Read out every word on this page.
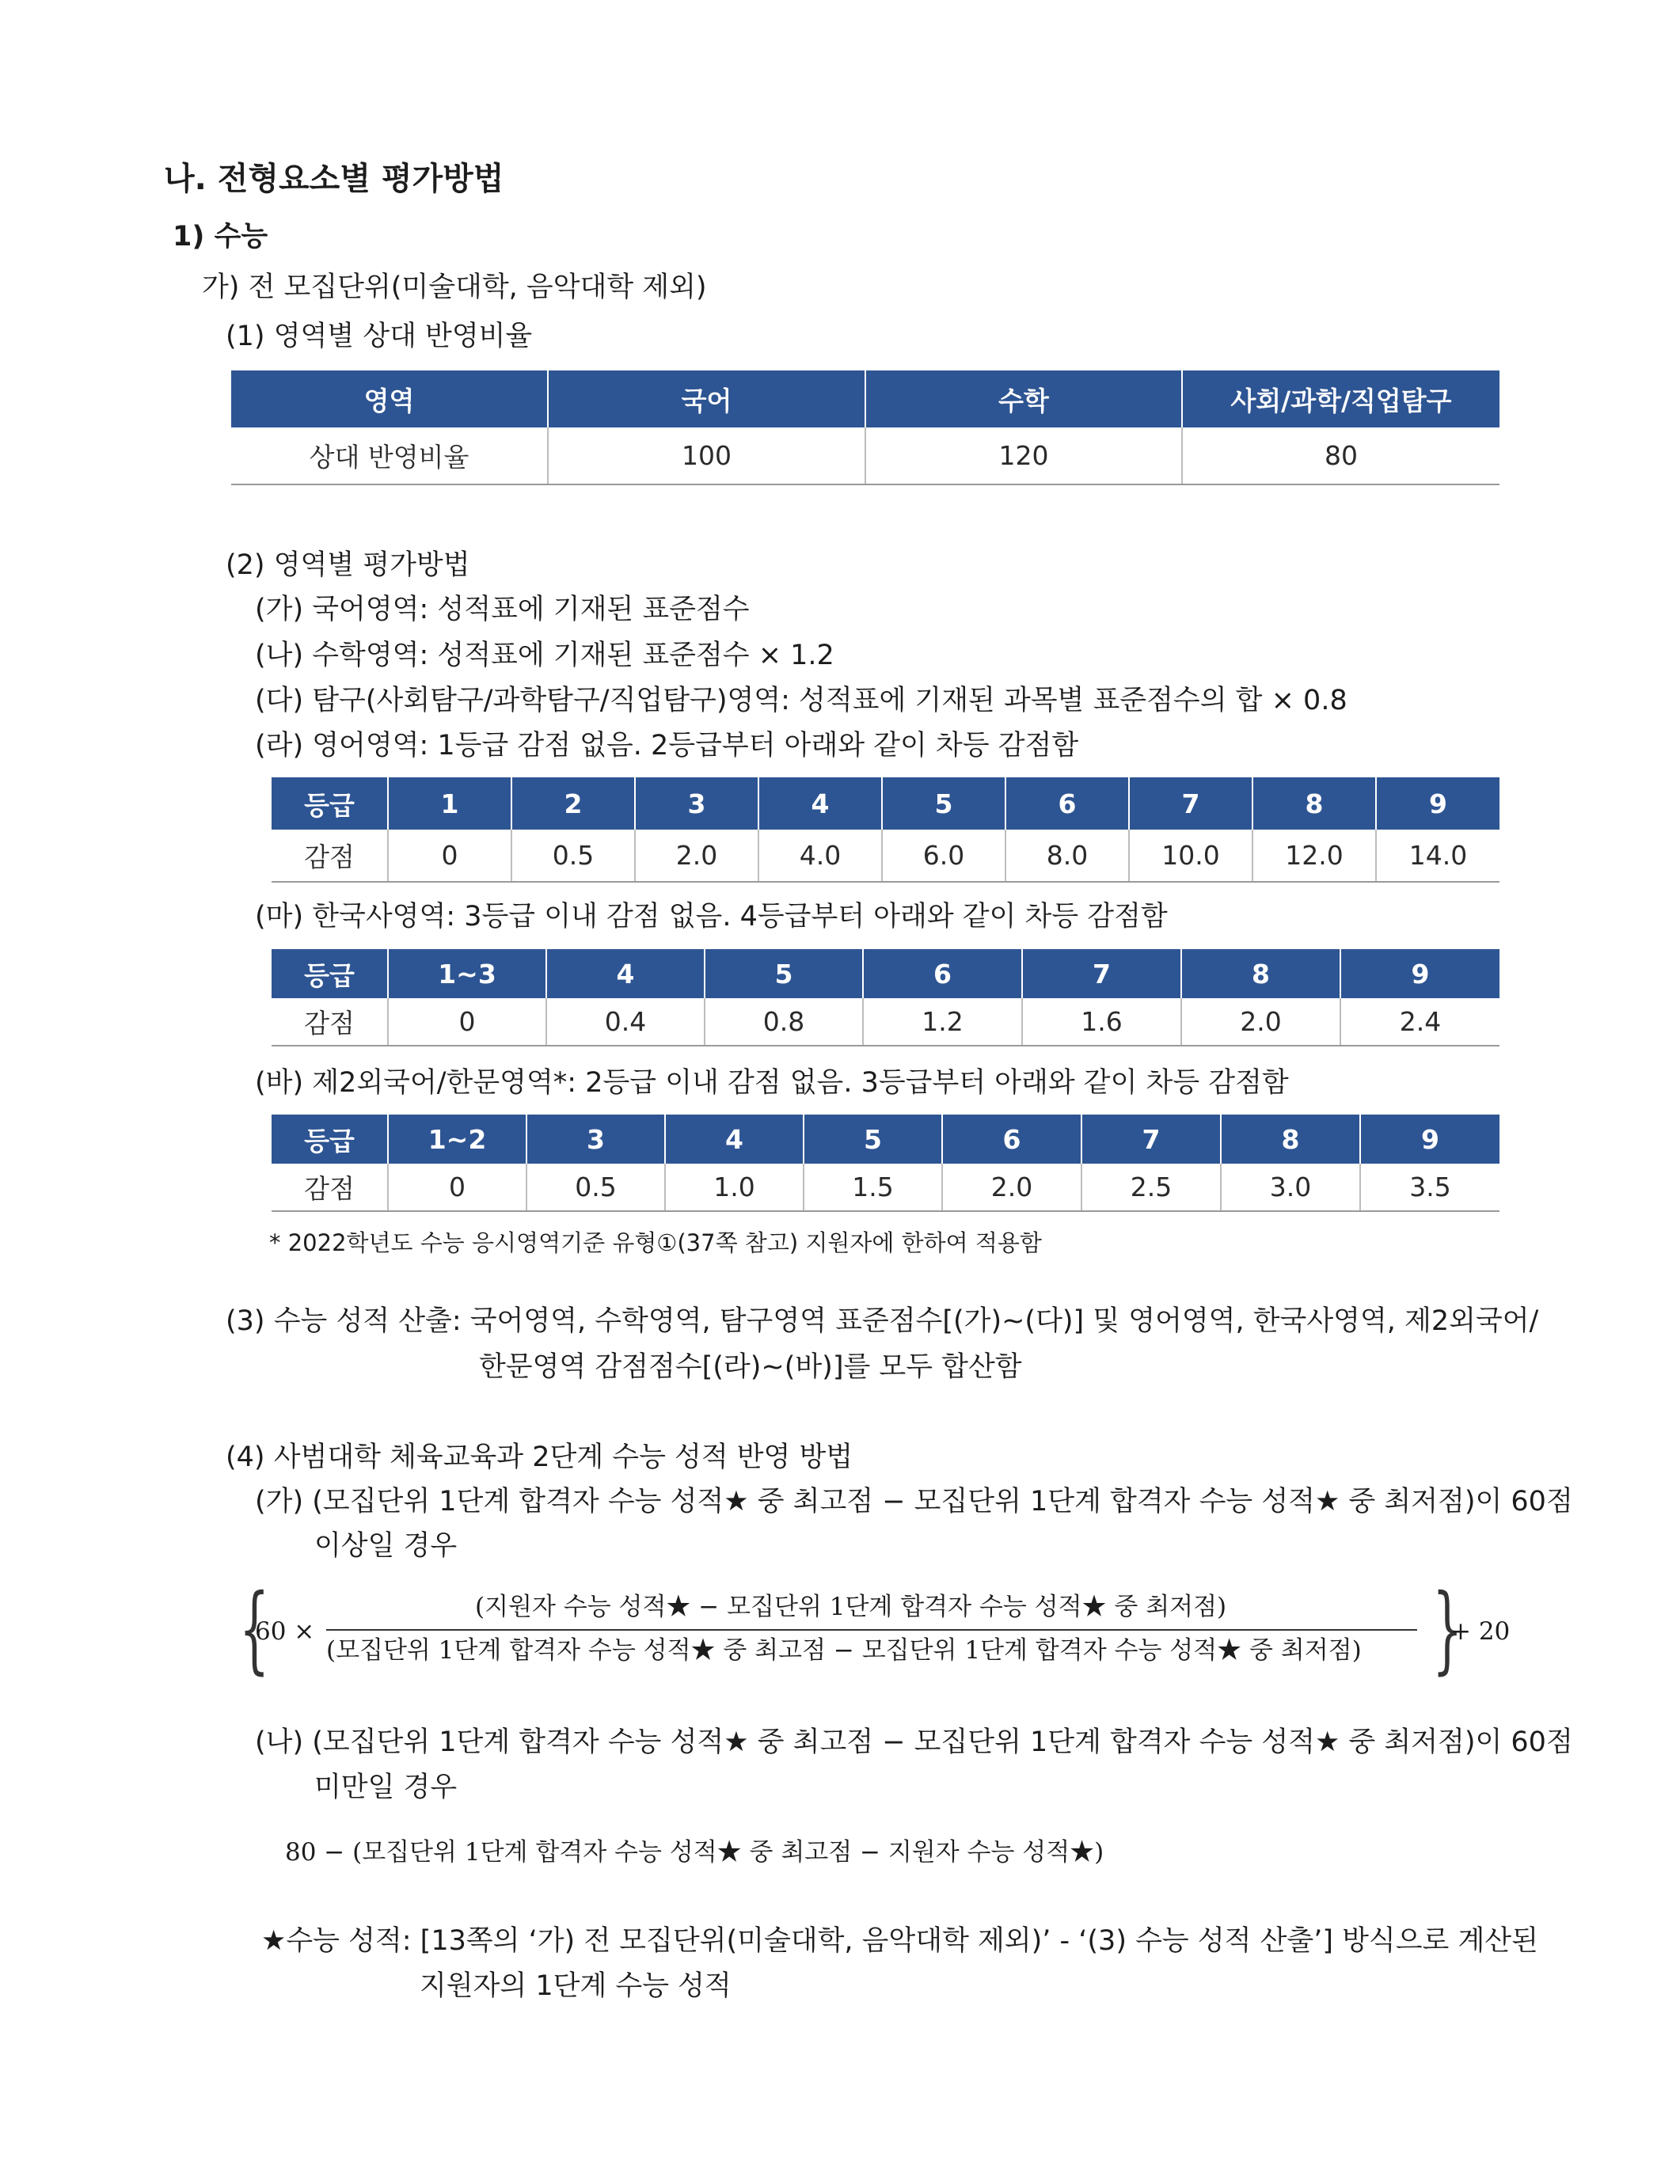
나. 전형요소별 평가방법
1) 수능
가) 전 모집단위(미술대학, 음악대학 제외)
(1) 영역별 상대 반영비율
영역	국어	수학	사회/과학/직업탐구
상대 반영비율	100	120	80
(2) 영역별 평가방법
(가) 국어영역: 성적표에 기재된 표준점수
(나) 수학영역: 성적표에 기재된 표준점수 × 1.2
(다) 탐구(사회탐구/과학탐구/직업탐구)영역: 성적표에 기재된 과목별 표준점수의 합 × 0.8
(라) 영어영역: 1등급 감점 없음. 2등급부터 아래와 같이 차등 감점함
등급	1	2	3	4	5	6	7	8	9
감점	0	0.5	2.0	4.0	6.0	8.0	10.0	12.0	14.0
(마) 한국사영역: 3등급 이내 감점 없음. 4등급부터 아래와 같이 차등 감점함
등급	1~3	4	5	6	7	8	9
감점	0	0.4	0.8	1.2	1.6	2.0	2.4
(바) 제2외국어/한문영역*: 2등급 이내 감점 없음. 3등급부터 아래와 같이 차등 감점함
등급	1~2	3	4	5	6	7	8	9
감점	0	0.5	1.0	1.5	2.0	2.5	3.0	3.5
* 2022학년도 수능 응시영역기준 유형①(37쪽 참고) 지원자에 한하여 적용함
(3) 수능 성적 산출: 국어영역, 수학영역, 탐구영역 표준점수[(가)~(다)] 및 영어영역, 한국사영역, 제2외국어/
한문영역 감점점수[(라)~(바)]를 모두 합산함
(4) 사범대학 체육교육과 2단계 수능 성적 반영 방법
(가) (모집단위 1단계 합격자 수능 성적★ 중 최고점 − 모집단위 1단계 합격자 수능 성적★ 중 최저점)이 60점
이상일 경우
{
60 ×
(지원자 수능 성적★ − 모집단위 1단계 합격자 수능 성적★ 중 최저점)
(모집단위 1단계 합격자 수능 성적★ 중 최고점 − 모집단위 1단계 합격자 수능 성적★ 중 최저점) }
+ 20
(나) (모집단위 1단계 합격자 수능 성적★ 중 최고점 − 모집단위 1단계 합격자 수능 성적★ 중 최저점)이 60점
미만일 경우
80 − (모집단위 1단계 합격자 수능 성적★ 중 최고점 − 지원자 수능 성적★)
★수능 성적: [13쪽의 ‘가) 전 모집단위(미술대학, 음악대학 제외)’ - ‘(3) 수능 성적 산출’] 방식으로 계산된
지원자의 1단계 수능 성적
